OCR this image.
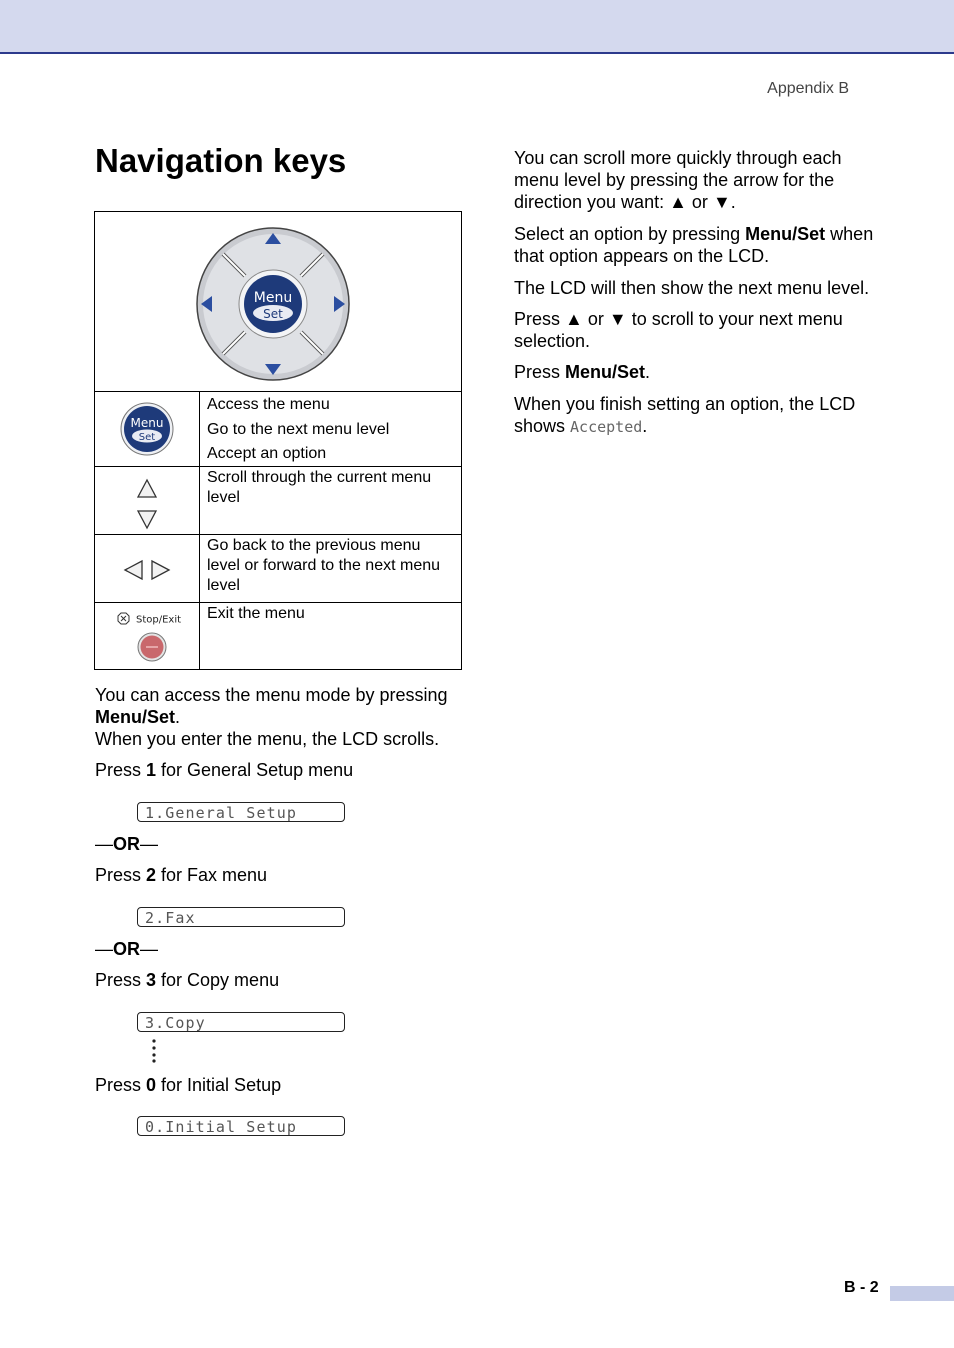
Appendix B
Navigation keys
Menu
Set
Menu
Set
Access the menu
Go to the next menu level
Accept an option
Scroll through the current menu level
Go back to the previous menu level or forward to the next menu level
Stop/Exit Exit the menu
You can access the menu mode by pressing
Menu/Set.
When you enter the menu, the LCD scrolls.
Press 1 for General Setup menu
1.General Setup
—OR—
Press 2 for Fax menu
2.Fax
—OR—
Press 3 for Copy menu
3.Copy
Press 0 for Initial Setup
0.Initial Setup
You can scroll more quickly through each
menu level by pressing the arrow for the
direction you want: ▲ or ▼.
Select an option by pressing Menu/Set when
that option appears on the LCD.
The LCD will then show the next menu level.
Press ▲ or ▼ to scroll to your next menu
selection.
Press Menu/Set.
When you finish setting an option, the LCD
shows Accepted.
B - 2
